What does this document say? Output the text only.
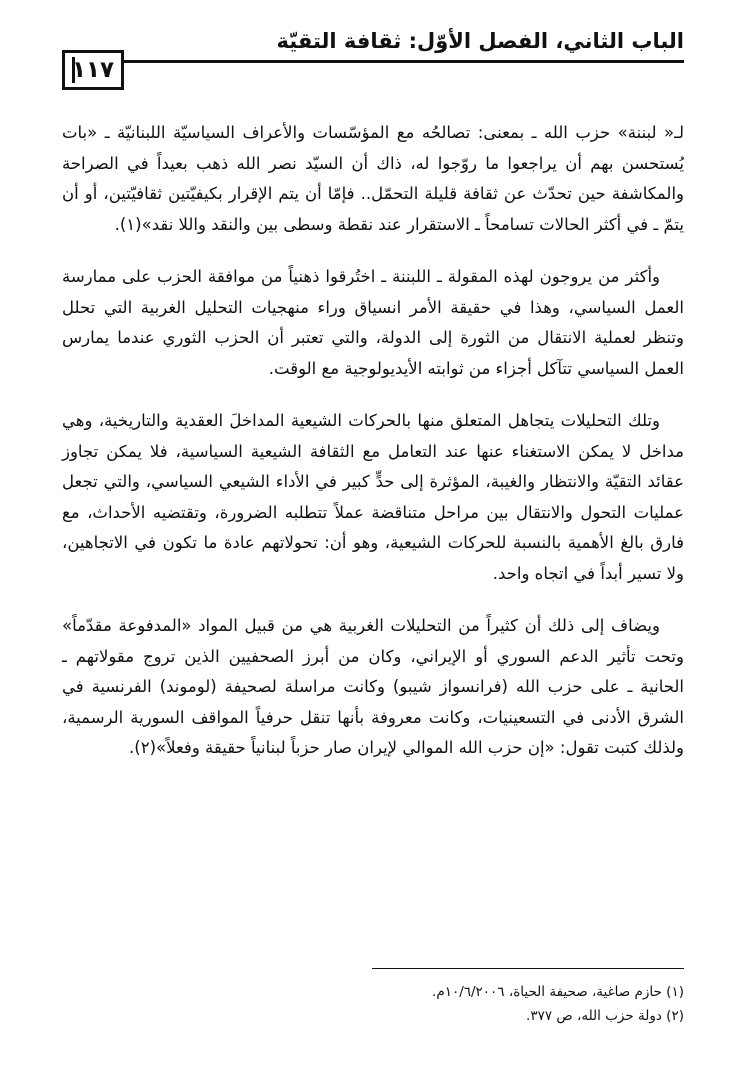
الباب الثاني، الفصل الأوّل: ثقافة التقيّة
١١٧

لـ« لبننة» حزب الله ـ بمعنى: تصالحُه مع المؤسّسات والأعراف السياسيّة اللبنانيّة ـ «بات يُستحسن بهم أن يراجعوا ما روّجوا له، ذاك أن السيّد نصر الله ذهب بعيداً في الصراحة والمكاشفة حين تحدّث عن ثقافة قليلة التحمّل.. فإمّا أن يتم الإقرار بكيفيّتين ثقافيّتين، أو أن يتمّ ـ في أكثر الحالات تسامحاً ـ الاستقرار عند نقطة وسطى بين والنقد واللا نقد»(١).

وأكثر من يروجون لهذه المقولة ـ اللبننة ـ اختُرقوا ذهنياً من موافقة الحزب على ممارسة العمل السياسي، وهذا في حقيقة الأمر انسياق وراء منهجيات التحليل الغربية التي تحلل وتنظر لعملية الانتقال من الثورة إلى الدولة، والتي تعتبر أن الحزب الثوري عندما يمارس العمل السياسي تتآكل أجزاء من ثوابته الأيديولوجية مع الوقت.

وتلك التحليلات يتجاهل المتعلق منها بالحركات الشيعية المداخلَ العقدية والتاريخية، وهي مداخل لا يمكن الاستغناء عنها عند التعامل مع الثقافة الشيعية السياسية، فلا يمكن تجاوز عقائد التقيّة والانتظار والغيبة، المؤثرة إلى حدٍّ كبير في الأداء الشيعي السياسي، والتي تجعل عمليات التحول والانتقال بين مراحل متناقضة عملاً تتطلبه الضرورة، وتقتضيه الأحداث، مع فارق بالغ الأهمية بالنسبة للحركات الشيعية، وهو أن: تحولاتهم عادة ما تكون في الاتجاهين، ولا تسير أبداً في اتجاه واحد.

ويضاف إلى ذلك أن كثيراً من التحليلات الغربية هي من قبيل المواد «المدفوعة مقدّماً» وتحت تأثير الدعم السوري أو الإيراني، وكان من أبرز الصحفيين الذين تروج مقولاتهم ـ الحانية ـ على حزب الله (فرانسواز شيبو) وكانت مراسلة لصحيفة (لوموند) الفرنسية في الشرق الأدنى في التسعينيات، وكانت معروفة بأنها تنقل حرفياً المواقف السورية الرسمية، ولذلك كتبت تقول: «إن حزب الله الموالي لإيران صار حزباً لبنانياً حقيقة وفعلاً»(٢).

(١) حازم صاغية، صحيفة الحياة، ١٠/٦/٢٠٠٦م.
(٢) دولة حزب الله، ص ٣٧٧.
